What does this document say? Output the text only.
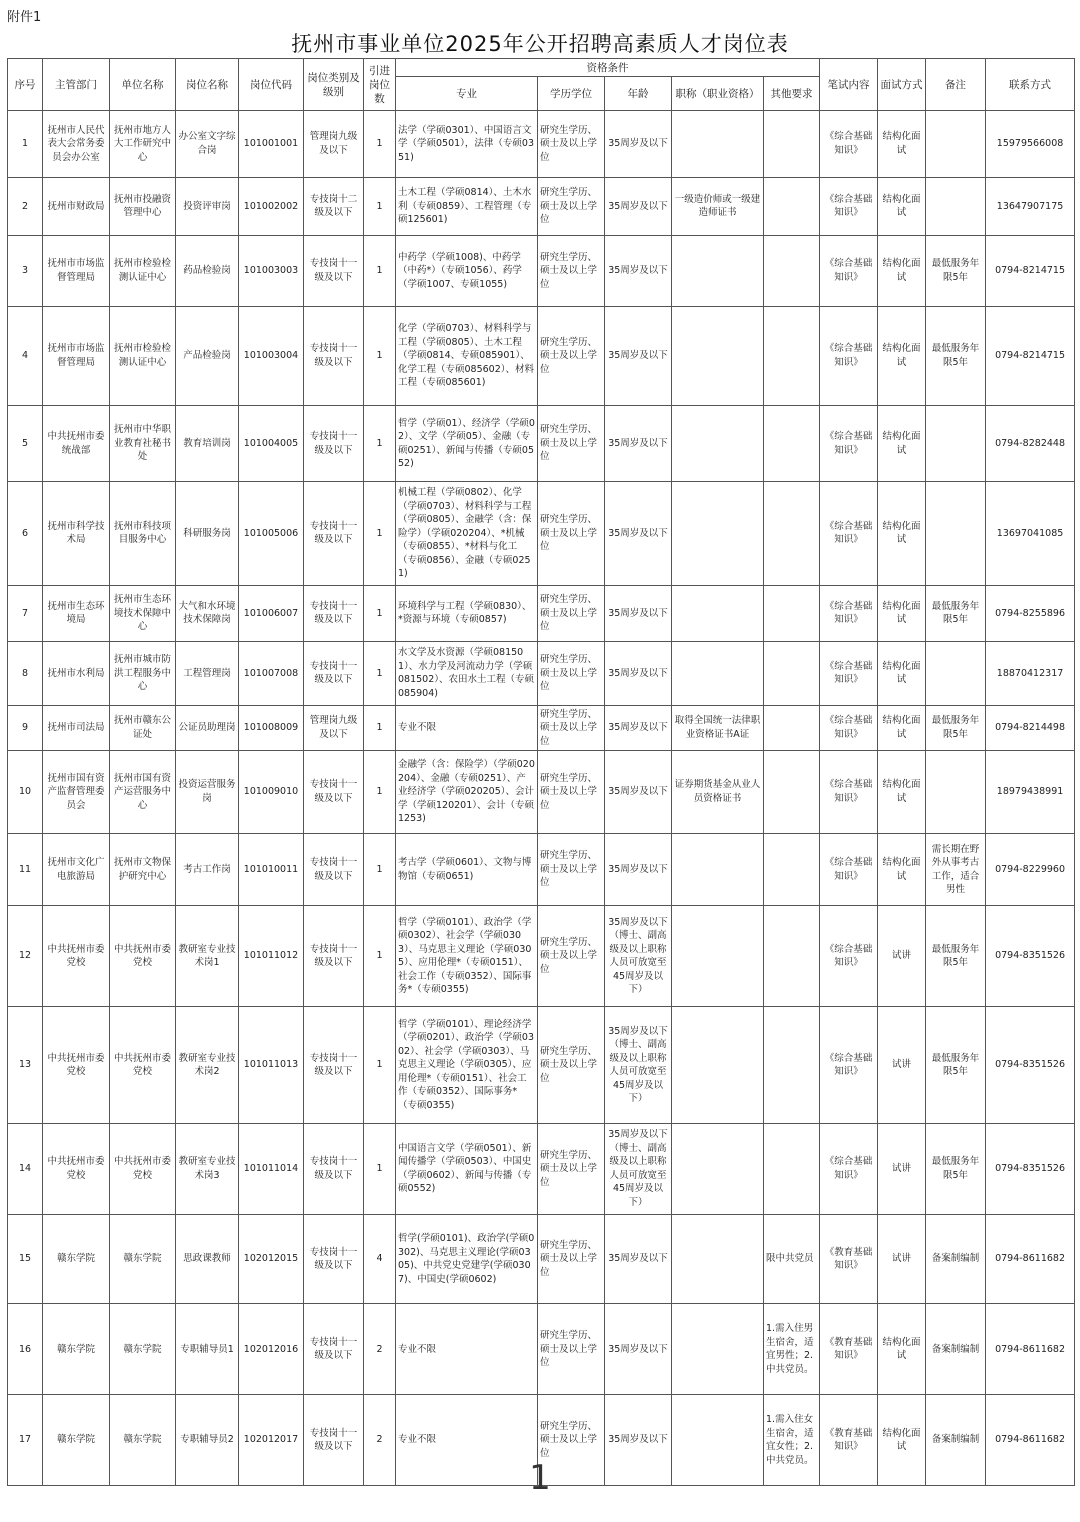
附件1
抚州市事业单位2025年公开招聘高素质人才岗位表
序号	主管部门	单位名称	岗位名称	岗位代码	岗位类别及级别	引进岗位数	资格条件					笔试内容	面试方式	备注	联系方式
							专业	学历学位	年龄	职称（职业资格）	其他要求				
1	抚州市人民代表大会常务委员会办公室	抚州市地方人大工作研究中心	办公室文字综合岗	101001001	管理岗九级及以下	1	法学（学硕0301）、中国语言文学（学硕0501），法律（专硕0351)	研究生学历、硕士及以上学位	35周岁及以下			《综合基础知识》	结构化面试		15979566008
2	抚州市财政局	抚州市投融资管理中心	投资评审岗	101002002	专技岗十二级及以下	1	土木工程（学硕0814）、土木水利（专硕0859）、工程管理（专硕125601)	研究生学历、硕士及以上学位	35周岁及以下	一级造价师或一级建造师证书		《综合基础知识》	结构化面试		13647907175
3	抚州市市场监督管理局	抚州市检验检测认证中心	药品检验岗	101003003	专技岗十一级及以下	1	中药学（学硕1008)、中药学（中药*）（专硕1056）、药学（学硕1007、专硕1055)	研究生学历、硕士及以上学位	35周岁及以下			《综合基础知识》	结构化面试	最低服务年限5年	0794-8214715
4	抚州市市场监督管理局	抚州市检验检测认证中心	产品检验岗	101003004	专技岗十一级及以下	1	化学（学硕0703）、材料科学与工程（学硕0805）、土木工程（学硕0814、专硕085901）、化学工程（专硕085602）、材料工程（专硕085601)	研究生学历、硕士及以上学位	35周岁及以下			《综合基础知识》	结构化面试	最低服务年限5年	0794-8214715
5	中共抚州市委统战部	抚州市中华职业教育社秘书处	教育培训岗	101004005	专技岗十一级及以下	1	哲学（学硕01）、经济学（学硕02）、文学（学硕05）、金融（专硕0251）、新闻与传播（专硕0552)	研究生学历、硕士及以上学位	35周岁及以下			《综合基础知识》	结构化面试		0794-8282448
6	抚州市科学技术局	抚州市科技项目服务中心	科研服务岗	101005006	专技岗十一级及以下	1	机械工程（学硕0802）、化学（学硕0703）、材料科学与工程（学硕0805）、金融学（含：保险学）（学硕020204）、*机械（专硕0855）、*材料与化工（专硕0856）、金融（专硕0251)	研究生学历、硕士及以上学位	35周岁及以下			《综合基础知识》	结构化面试		13697041085
7	抚州市生态环境局	抚州市生态环境技术保障中心	大气和水环境技术保障岗	101006007	专技岗十一级及以下	1	环境科学与工程（学硕0830）、*资源与环境（专硕0857)	研究生学历、硕士及以上学位	35周岁及以下			《综合基础知识》	结构化面试	最低服务年限5年	0794-8255896
8	抚州市水利局	抚州市城市防洪工程服务中心	工程管理岗	101007008	专技岗十一级及以下	1	水文学及水资源（学硕081501）、水力学及河流动力学（学硕081502）、农田水土工程（专硕085904)	研究生学历、硕士及以上学位	35周岁及以下			《综合基础知识》	结构化面试		18870412317
9	抚州市司法局	抚州市赣东公证处	公证员助理岗	101008009	管理岗九级及以下	1	专业不限	研究生学历、硕士及以上学位	35周岁及以下	取得全国统一法律职业资格证书A证		《综合基础知识》	结构化面试	最低服务年限5年	0794-8214498
10	抚州市国有资产监督管理委员会	抚州市国有资产运营服务中心	投资运营服务岗	101009010	专技岗十一级及以下	1	金融学（含：保险学）（学硕020204）、金融（专硕0251）、产业经济学（学硕020205）、会计学（学硕120201）、会计（专硕1253)	研究生学历、硕士及以上学位	35周岁及以下	证券期货基金从业人员资格证书		《综合基础知识》	结构化面试		18979438991
11	抚州市文化广电旅游局	抚州市文物保护研究中心	考古工作岗	101010011	专技岗十一级及以下	1	考古学（学硕0601）、文物与博物馆（专硕0651)	研究生学历、硕士及以上学位	35周岁及以下			《综合基础知识》	结构化面试	需长期在野外从事考古工作，适合男性	0794-8229960
12	中共抚州市委党校	中共抚州市委党校	教研室专业技术岗1	101011012	专技岗十一级及以下	1	哲学（学硕0101）、政治学（学硕0302）、社会学（学硕0303）、马克思主义理论（学硕0305）、应用伦理*（专硕0151）、社会工作（专硕0352）、国际事务*（专硕0355)	研究生学历、硕士及以上学位	35周岁及以下（博士、副高级及以上职称人员可放宽至45周岁及以下）			《综合基础知识》	试讲	最低服务年限5年	0794-8351526
13	中共抚州市委党校	中共抚州市委党校	教研室专业技术岗2	101011013	专技岗十一级及以下	1	哲学（学硕0101）、理论经济学（学硕0201）、政治学（学硕0302）、社会学（学硕0303）、马克思主义理论（学硕0305）、应用伦理*（专硕0151）、社会工作（专硕0352）、国际事务*（专硕0355)	研究生学历、硕士及以上学位	35周岁及以下（博士、副高级及以上职称人员可放宽至45周岁及以下）			《综合基础知识》	试讲	最低服务年限5年	0794-8351526
14	中共抚州市委党校	中共抚州市委党校	教研室专业技术岗3	101011014	专技岗十一级及以下	1	中国语言文学（学硕0501）、新闻传播学（学硕0503）、中国史（学硕0602）、新闻与传播（专硕0552)	研究生学历、硕士及以上学位	35周岁及以下（博士、副高级及以上职称人员可放宽至45周岁及以下）			《综合基础知识》	试讲	最低服务年限5年	0794-8351526
15	赣东学院	赣东学院	思政课教师	102012015	专技岗十一级及以下	4	哲学(学硕0101)、政治学(学硕0302)、马克思主义理论(学硕0305)、中共党史党建学(学硕0307)、中国史(学硕0602)	研究生学历、硕士及以上学位	35周岁及以下		限中共党员	《教育基础知识》	试讲	备案制编制	0794-8611682
16	赣东学院	赣东学院	专职辅导员1	102012016	专技岗十一级及以下	2	专业不限	研究生学历、硕士及以上学位	35周岁及以下		1.需入住男生宿舍，适宜男性；2.中共党员。	《教育基础知识》	结构化面试	备案制编制	0794-8611682
17	赣东学院	赣东学院	专职辅导员2	102012017	专技岗十一级及以下	2	专业不限	研究生学历、硕士及以上学位	35周岁及以下		1.需入住女生宿舍，适宜女性；2.中共党员。	《教育基础知识》	结构化面试	备案制编制	0794-8611682
1
